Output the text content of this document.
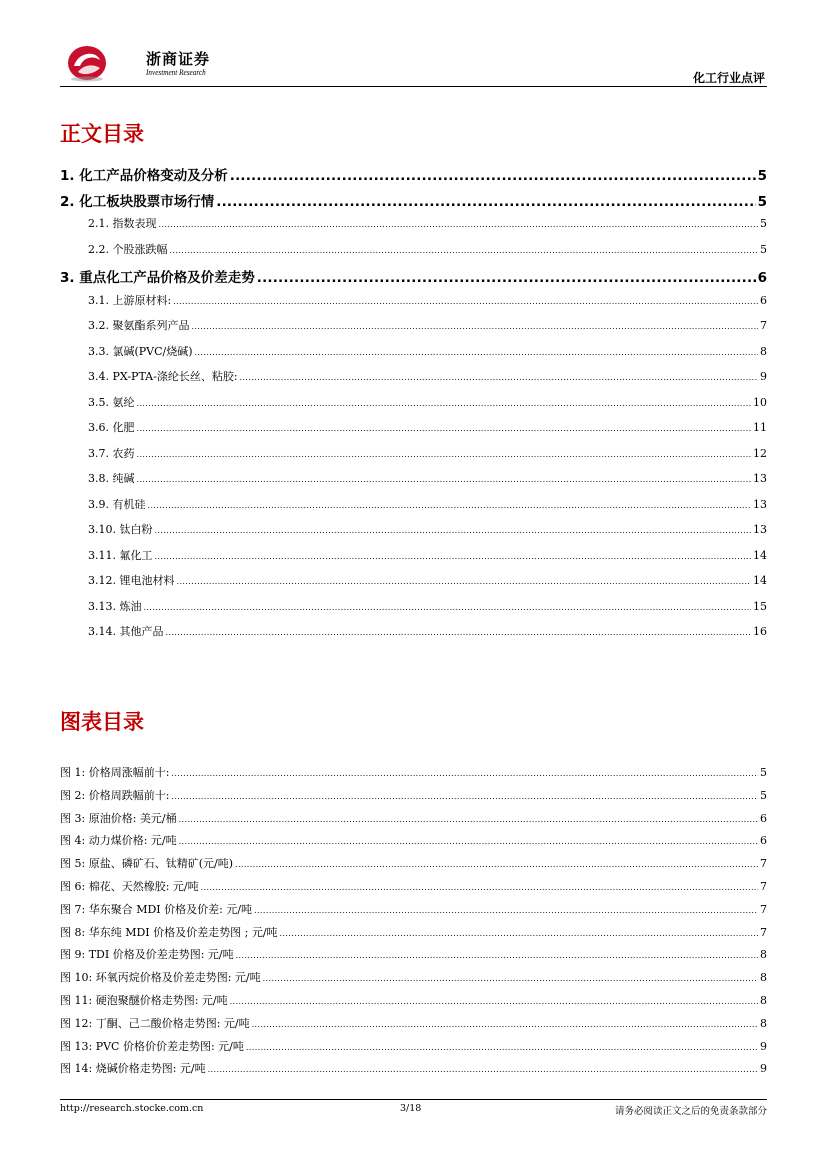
浙商证券
Investment Research	化工行业点评
正文目录
1. 化工产品价格变动及分析 .....	5
2. 化工板块股票市场行情 .....	5
2.1. 指数表现 .....	5
2.2. 个股涨跌幅 .....	5
3. 重点化工产品价格及价差走势 .....	6
3.1. 上游原材料: .....	6
3.2. 聚氨酯系列产品 .....	7
3.3. 氯碱(PVC/烧碱) .....	8
3.4. PX-PTA-涤纶长丝、粘胶: .....	9
3.5. 氨纶 .....	10
3.6. 化肥 .....	11
3.7. 农药 .....	12
3.8. 纯碱 .....	13
3.9. 有机硅 .....	13
3.10. 钛白粉 .....	13
3.11. 氟化工 .....	14
3.12. 锂电池材料 .....	14
3.13. 炼油 .....	15
3.14. 其他产品 .....	16
图表目录
图 1: 价格周涨幅前十: .....	5
图 2: 价格周跌幅前十: .....	5
图 3: 原油价格: 美元/桶 .....	6
图 4: 动力煤价格: 元/吨 .....	6
图 5: 原盐、磷矿石、钛精矿(元/吨) .....	7
图 6: 棉花、天然橡胶: 元/吨 .....	7
图 7: 华东聚合 MDI 价格及价差: 元/吨 .....	7
图 8: 华东纯 MDI 价格及价差走势图 ; 元/吨 .....	7
图 9: TDI 价格及价差走势图: 元/吨 .....	8
图 10: 环氧丙烷价格及价差走势图: 元/吨 .....	8
图 11: 硬泡聚醚价格走势图: 元/吨 .....	8
图 12: 丁酮、己二酸价格走势图: 元/吨 .....	8
图 13: PVC 价格价价差走势图: 元/吨 .....	9
图 14: 烧碱价格走势图: 元/吨 .....	9
http://research.stocke.com.cn	3/18	请务必阅读正文之后的免责条款部分
